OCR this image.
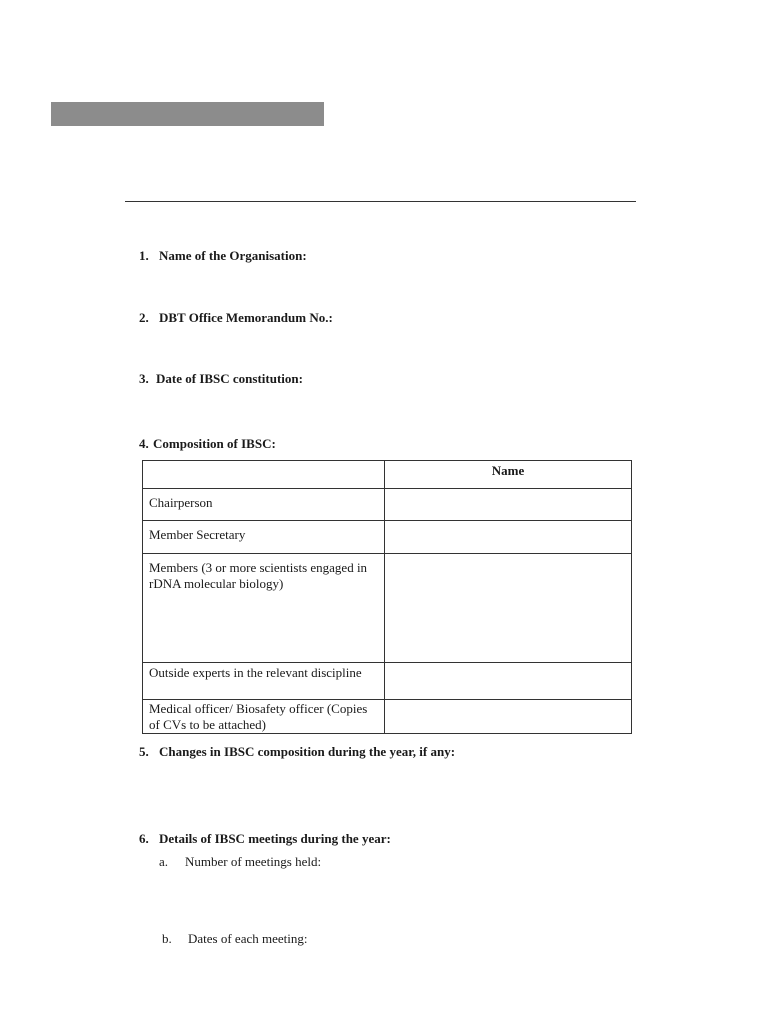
1. Name of the Organisation:
2. DBT Office Memorandum No.:
3. Date of IBSC constitution:
4. Composition of IBSC:
	Name
Chairperson	
Member Secretary	
Members (3 or more scientists engaged in rDNA molecular biology)	
Outside experts in the relevant discipline	
Medical officer/ Biosafety officer (Copies of CVs to be attached)	
5. Changes in IBSC composition during the year, if any:
6. Details of IBSC meetings during the year:
a. Number of meetings held:
b. Dates of each meeting:
